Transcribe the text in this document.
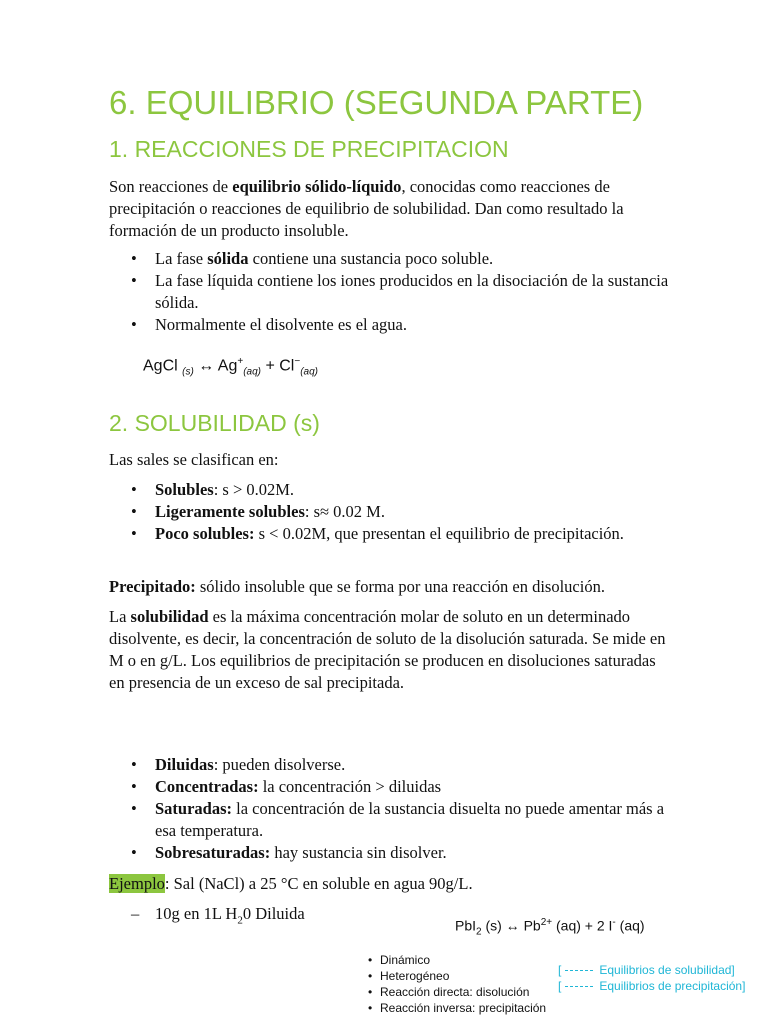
6. EQUILIBRIO (SEGUNDA PARTE)
1. REACCIONES DE PRECIPITACION

Son reacciones de equilibrio sólido-líquido, conocidas como reacciones de precipitación o reacciones de equilibrio de solubilidad. Dan como resultado la formación de un producto insoluble.

• La fase sólida contiene una sustancia poco soluble.
• La fase líquida contiene los iones producidos en la disociación de la sustancia sólida.
• Normalmente el disolvente es el agua.
AgCl $_{(s)}$ ↔ $Ag^+_{(aq)} + Cl^-_{(aq)}$
2. SOLUBILIDAD (s)

Las sales se clasifican en:

• Solubles: s > 0.02M.
• Ligeramente solubles: s≈ 0.02 M.
• Poco solubles: s < 0.02M, que presentan el equilibrio de precipitación.

Precipitado: sólido insoluble que se forma por una reacción en disolución.

La solubilidad es la máxima concentración molar de soluto en un determinado disolvente, es decir, la concentración de soluto de la disolución saturada. Se mide en M o en g/L. Los equilibrios de precipitación se producen en disoluciones saturadas en presencia de un exceso de sal precipitada.

• Diluidas: pueden disolverse.
• Concentradas: la concentración > diluidas
• Saturadas: la concentración de la sustancia disuelta no puede amentar más a esa temperatura.
• Sobresaturadas: hay sustancia sin disolver.

Ejemplo: Sal (NaCl) a 25 °C en soluble en agua 90g/L.

– 10g en 1L $H_20$ Diluida
PbI$_2$ (s) ↔ $Pb^{2+}$ (aq) + 2 I- (aq)
• Dinámico
• Heterogéneo
• Reacción directa: disolución
• Reacción inversa: precipitación
[	Equilibrios de solubilidad]
[	Equilibrios de precipitación]
